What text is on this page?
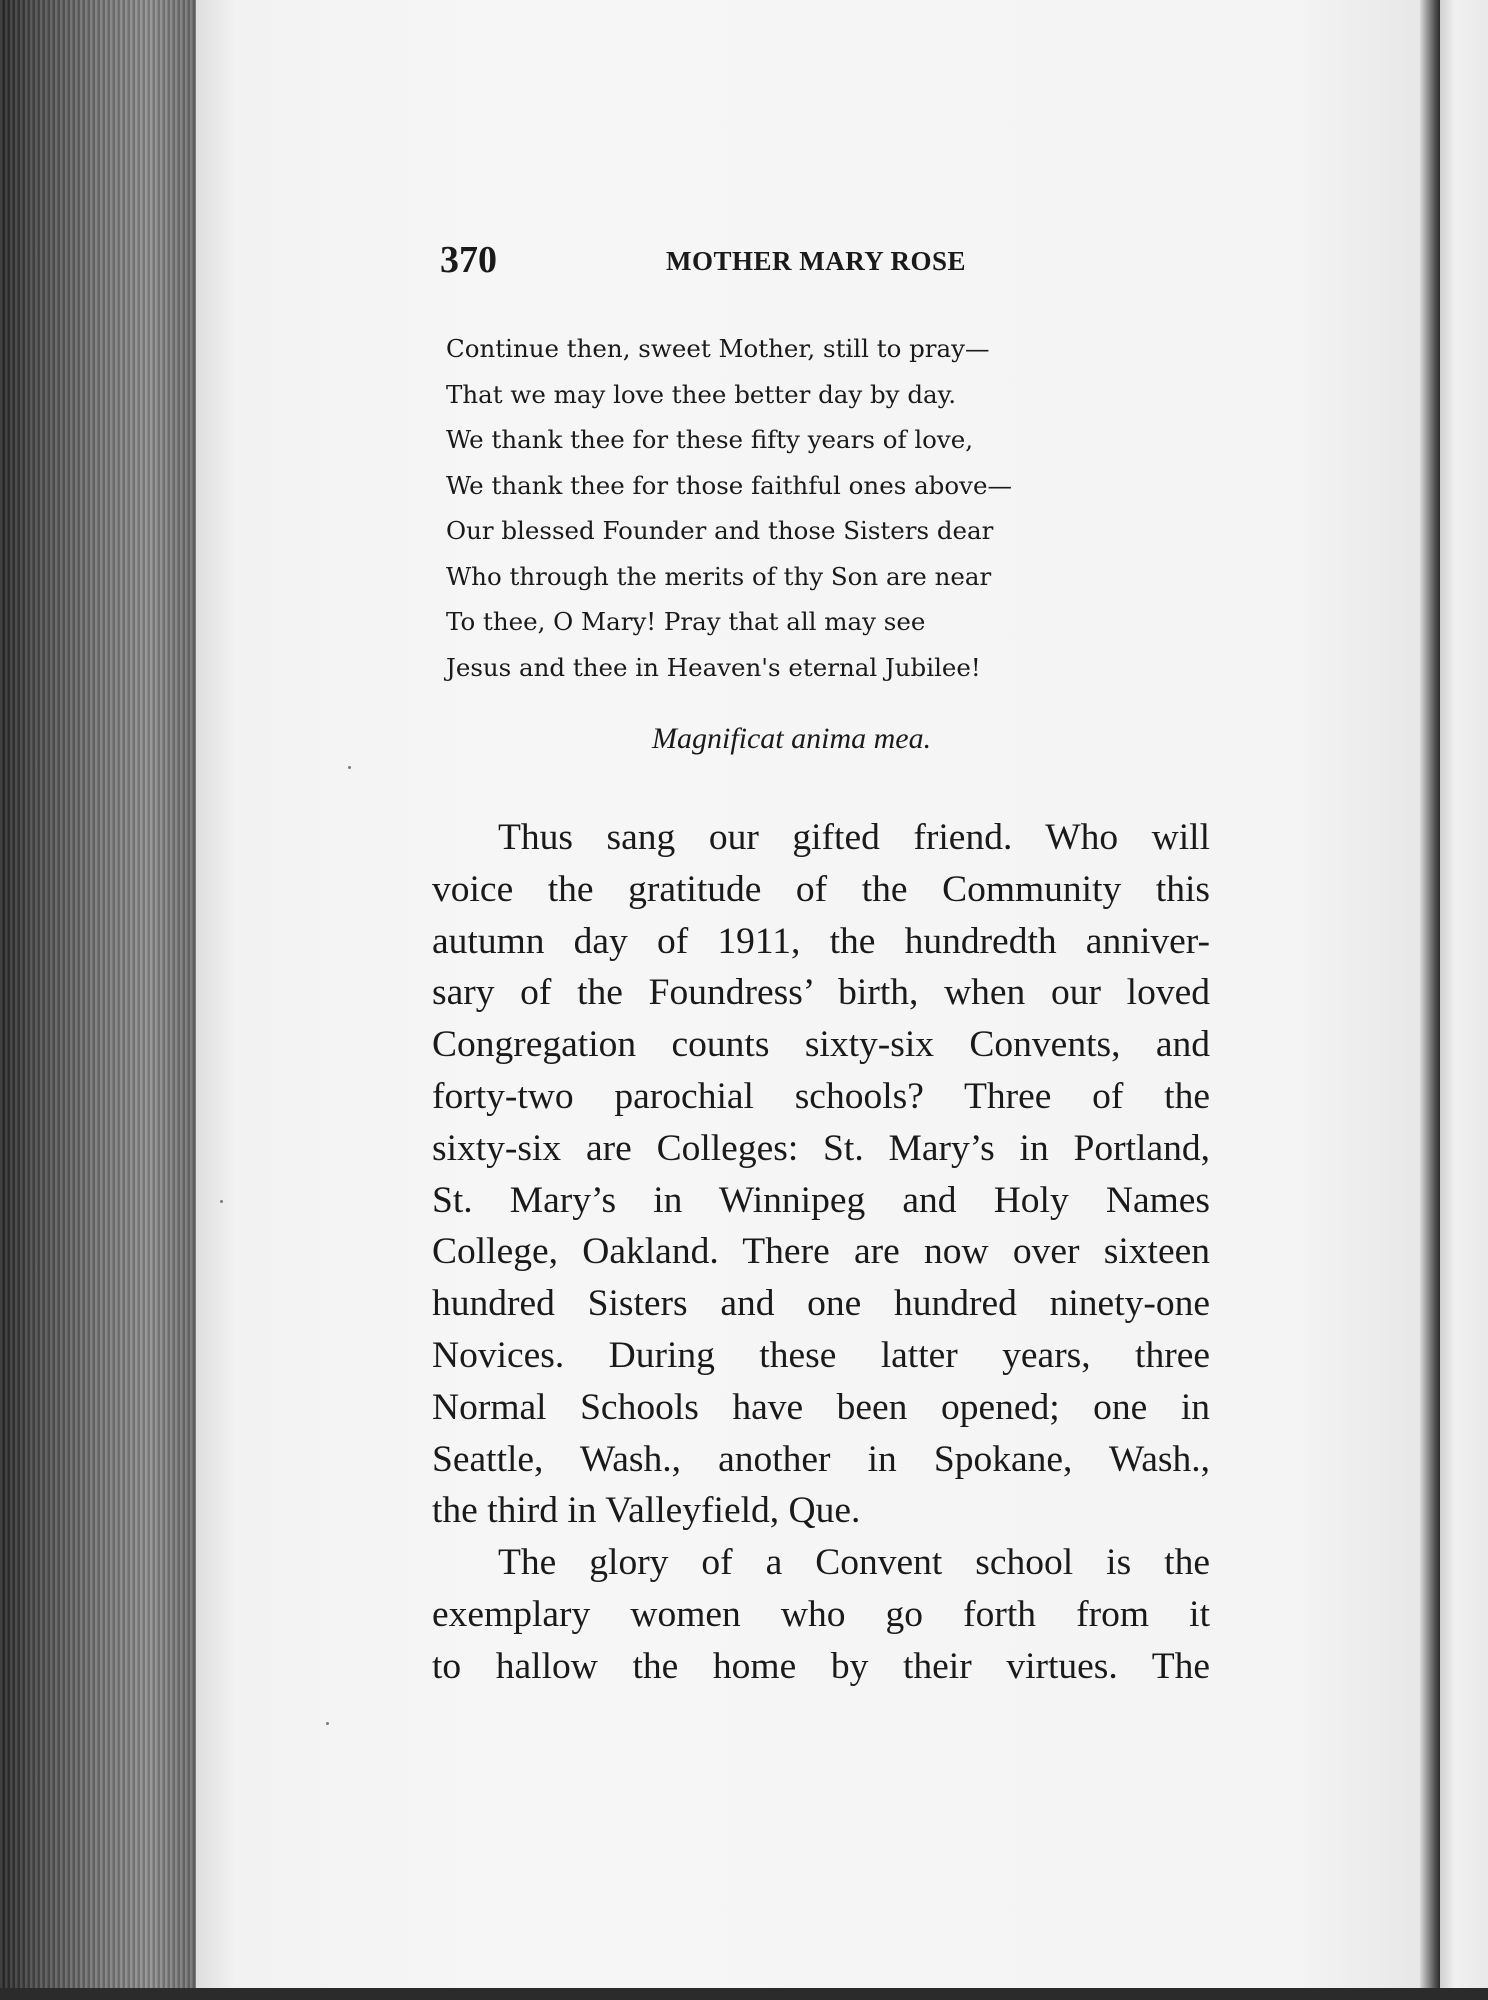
370	MOTHER MARY ROSE
Continue then, sweet Mother, still to pray—
That we may love thee better day by day.
We thank thee for these fifty years of love,
We thank thee for those faithful ones above—
Our blessed Founder and those Sisters dear
Who through the merits of thy Son are near
To thee, O Mary! Pray that all may see
Jesus and thee in Heaven's eternal Jubilee!
Magnificat anima mea.
Thus sang our gifted friend. Who will
voice the gratitude of the Community this
autumn day of 1911, the hundredth anniver-
sary of the Foundress’ birth, when our loved
Congregation counts sixty-six Convents, and
forty-two parochial schools? Three of the
sixty-six are Colleges: St. Mary’s in Portland,
St. Mary’s in Winnipeg and Holy Names
College, Oakland. There are now over sixteen
hundred Sisters and one hundred ninety-one
Novices. During these latter years, three
Normal Schools have been opened; one in
Seattle, Wash., another in Spokane, Wash.,
the third in Valleyfield, Que.
The glory of a Convent school is the
exemplary women who go forth from it
to hallow the home by their virtues. The
